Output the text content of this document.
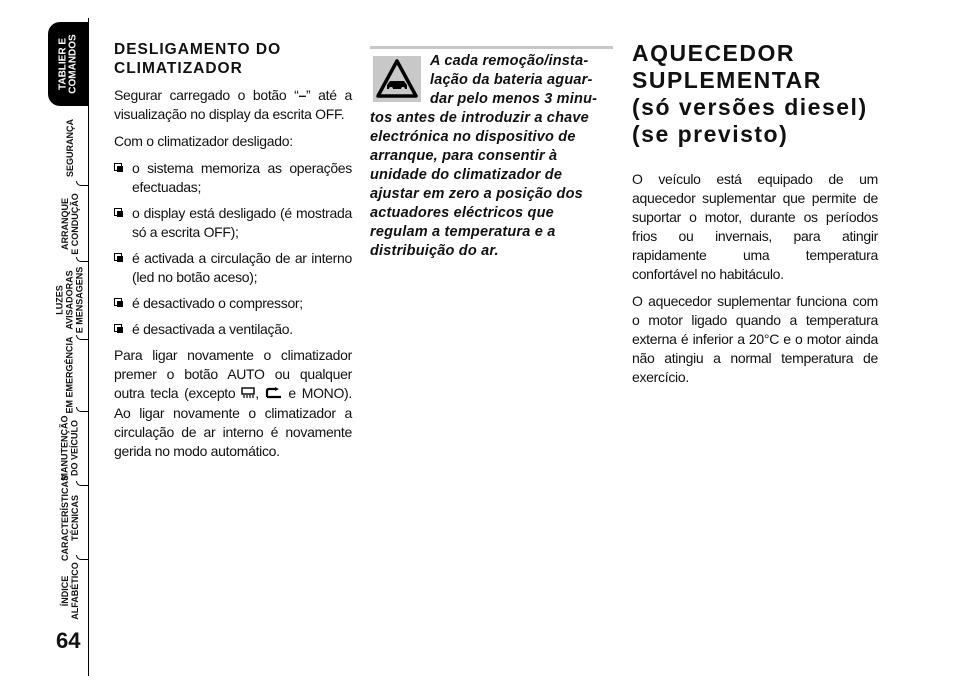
TABLIER E
COMANDOS
SEGURANÇA
ARRANQUE
E CONDUÇÃO
LUZES
AVISADORAS
E MENSAGENS
EM EMERGÊNCIA
MANUTENÇÃO
DO VEÍCULO
CARACTERÍSTICAS
TÉCNICAS
ÍNDICE
ALFABÉTICO
64
DESLIGAMENTO DO CLIMATIZADOR

Segurar carregado o botão “–” até a visualização no display da escrita OFF.

Com o climatizador desligado:

o sistema memoriza as operações efectuadas;
o display está desligado (é mostrada só a escrita OFF);
é activada a circulação de ar interno (led no botão aceso);
é desactivado o compressor;
é desactivada a ventilação.

Para ligar novamente o climatizador premer o botão AUTO ou qualquer outra tecla (excepto , e MONO). Ao ligar novamente o climatizador a circulação de ar interno é novamente gerida no modo automático.

A cada remoção/insta-
lação da bateria aguar-
dar pelo menos 3 minu-
tos antes de introduzir a chave electrónica no dispositivo de arranque, para consentir à unidade do climatizador de ajustar em zero a posição dos actuadores eléctricos que regulam a temperatura e a distribuição do ar.
AQUECEDOR
SUPLEMENTAR
(só versões diesel)
(se previsto)

O veículo está equipado de um aquecedor suplementar que permite de suportar o motor, durante os períodos frios ou invernais, para atingir rapidamente uma temperatura confortável no habitáculo.

O aquecedor suplementar funciona com o motor ligado quando a temperatura externa é inferior a 20°C e o motor ainda não atingiu a normal temperatura de exercício.
